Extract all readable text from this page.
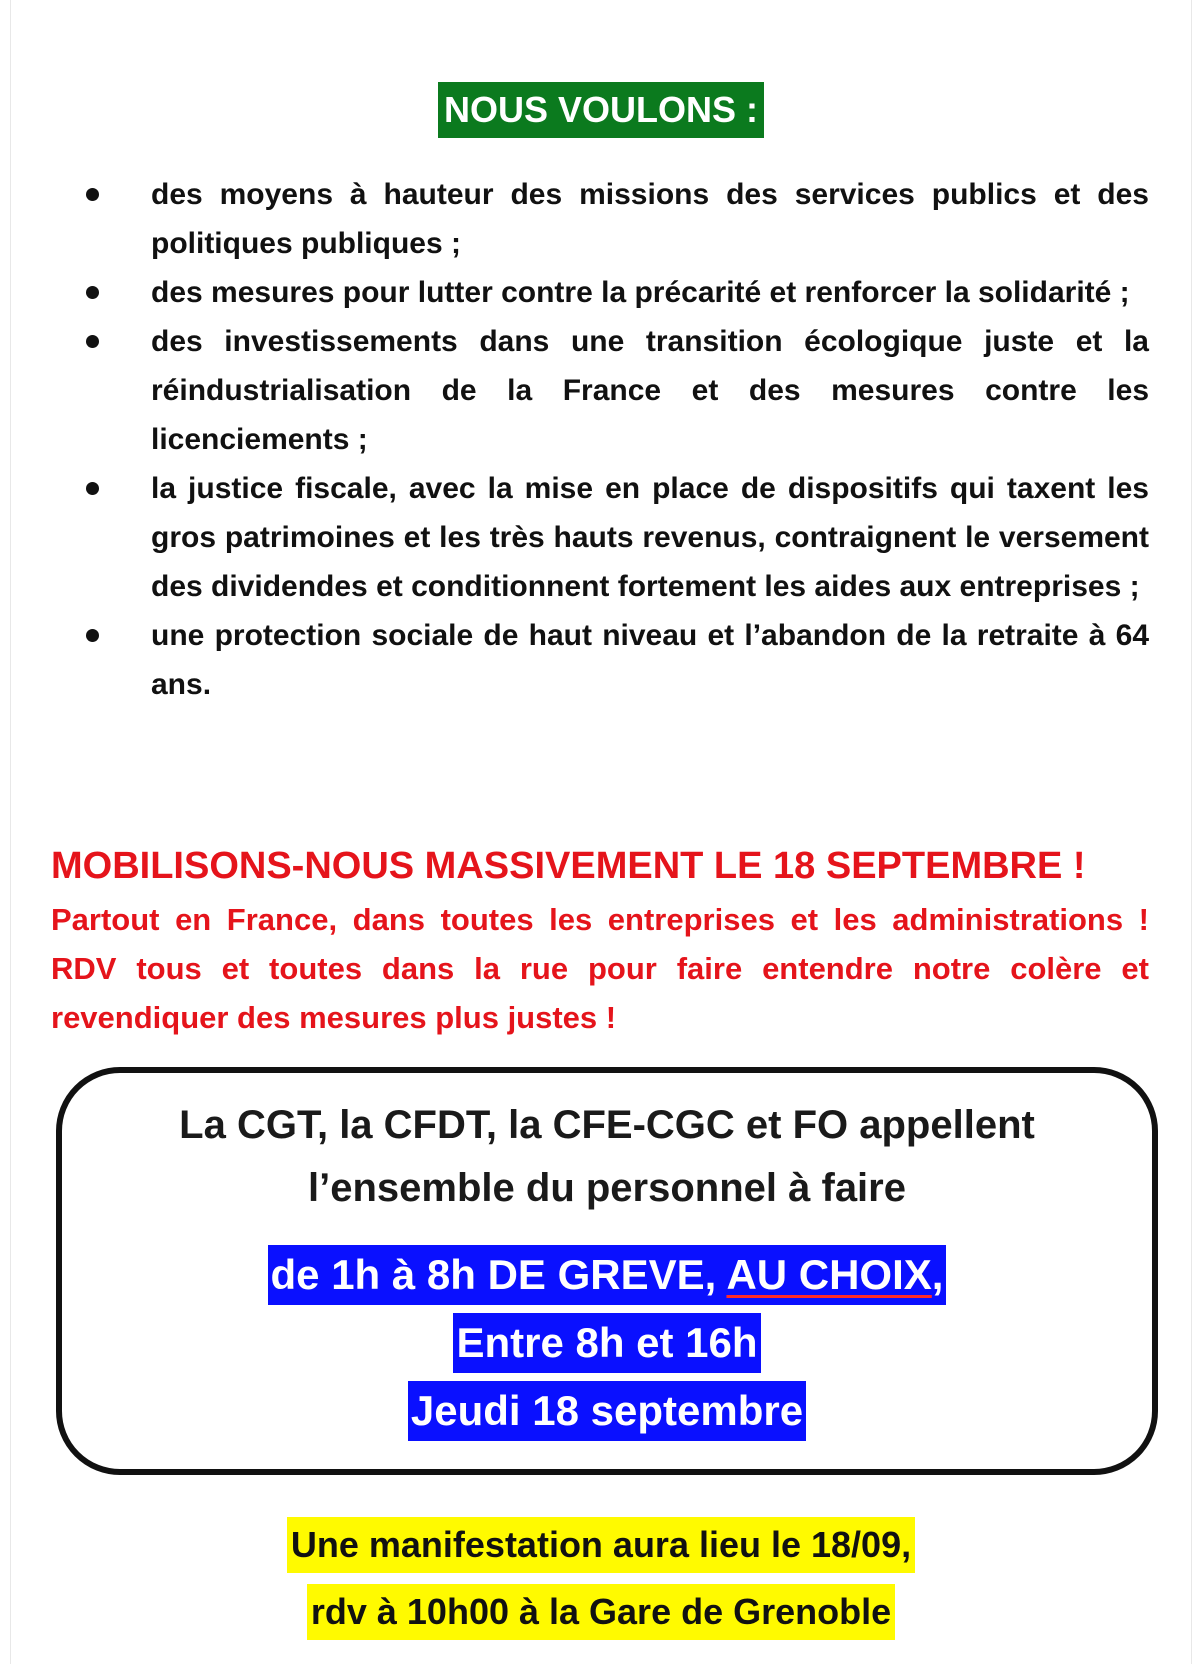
NOUS VOULONS :
des moyens à hauteur des missions des services publics et des politiques publiques ;
des mesures pour lutter contre la précarité et renforcer la solidarité ;
des investissements dans une transition écologique juste et la réindustrialisation de la France et des mesures contre les licenciements ;
la justice fiscale, avec la mise en place de dispositifs qui taxent les gros patrimoines et les très hauts revenus, contraignent le versement des dividendes et conditionnent fortement les aides aux entreprises ;
une protection sociale de haut niveau et l’abandon de la retraite à 64 ans.
MOBILISONS-NOUS MASSIVEMENT LE 18 SEPTEMBRE !
Partout en France, dans toutes les entreprises et les administrations ! RDV tous et toutes dans la rue pour faire entendre notre colère et revendiquer des mesures plus justes !
La CGT, la CFDT, la CFE-CGC et FO appellent
l’ensemble du personnel à faire
de 1h à 8h DE GREVE, AU CHOIX,
Entre 8h et 16h
Jeudi 18 septembre
Une manifestation aura lieu le 18/09,
rdv à 10h00 à la Gare de Grenoble
